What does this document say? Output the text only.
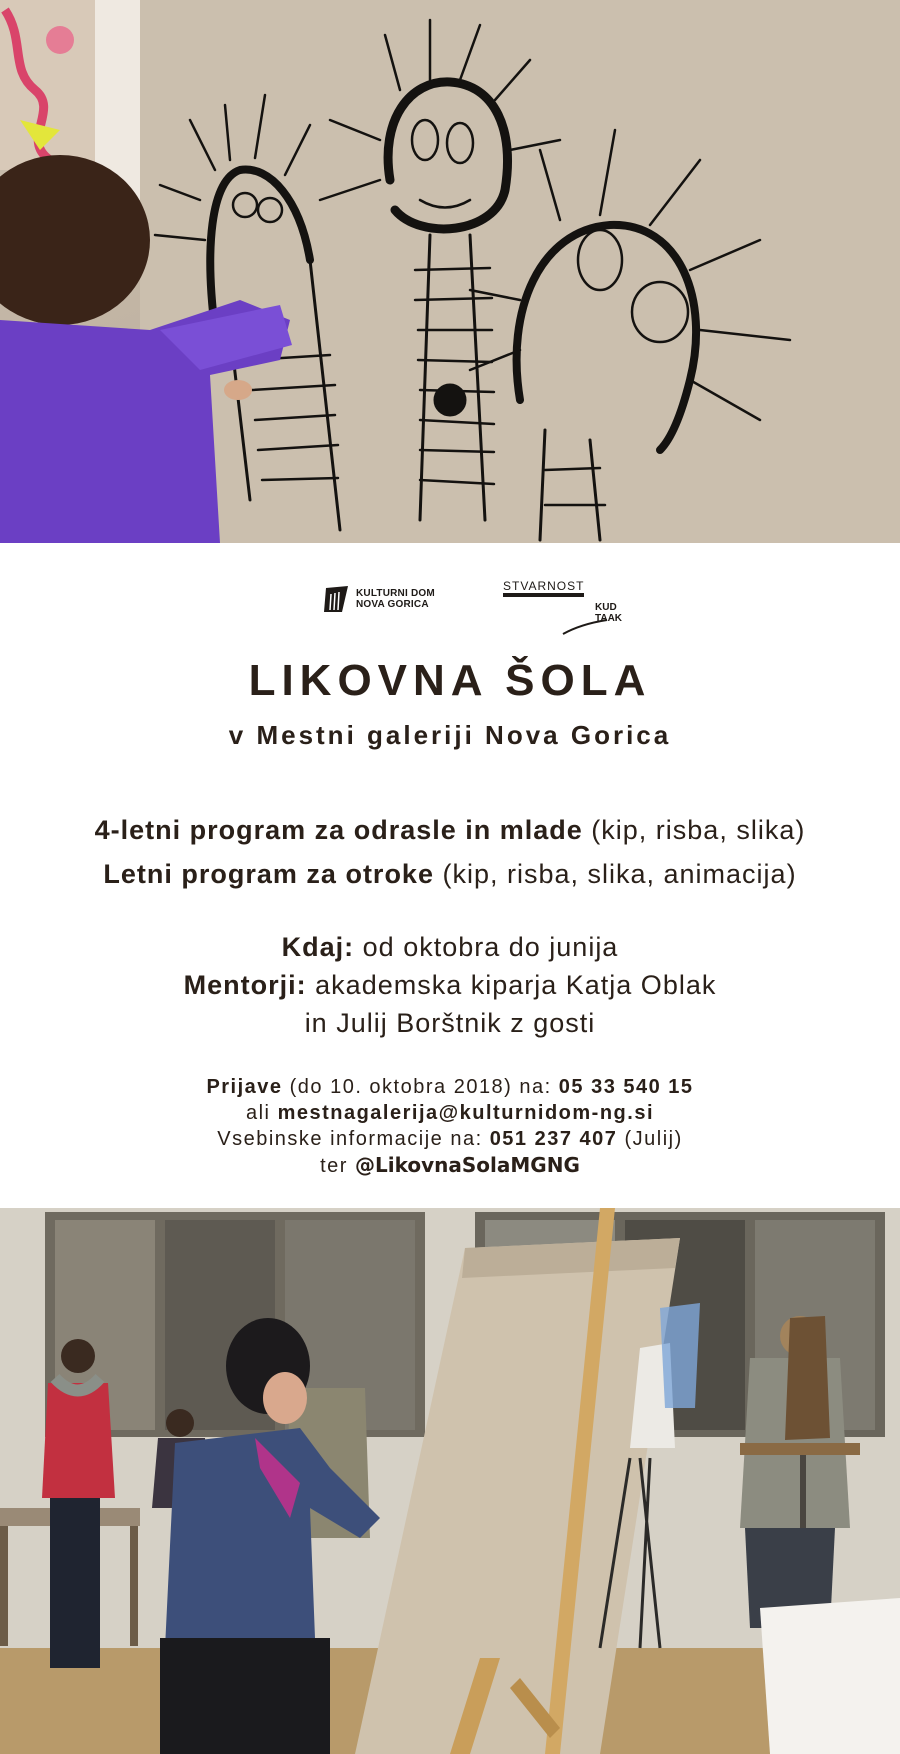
KULTURNI DOM
NOVA GORICA
STVARNOST
KUD
TAAK
LIKOVNA ŠOLA
v Mestni galeriji Nova Gorica
4-letni program za odrasle in mlade (kip, risba, slika)
Letni program za otroke (kip, risba, slika, animacija)
Kdaj: od oktobra do junija
Mentorji: akademska kiparja Katja Oblak
in Julij Borštnik z gosti
Prijave (do 10. oktobra 2018) na: 05 33 540 15
ali mestnagalerija@kulturnidom-ng.si
Vsebinske informacije na: 051 237 407 (Julij)
ter @LikovnaSolaMGNG
